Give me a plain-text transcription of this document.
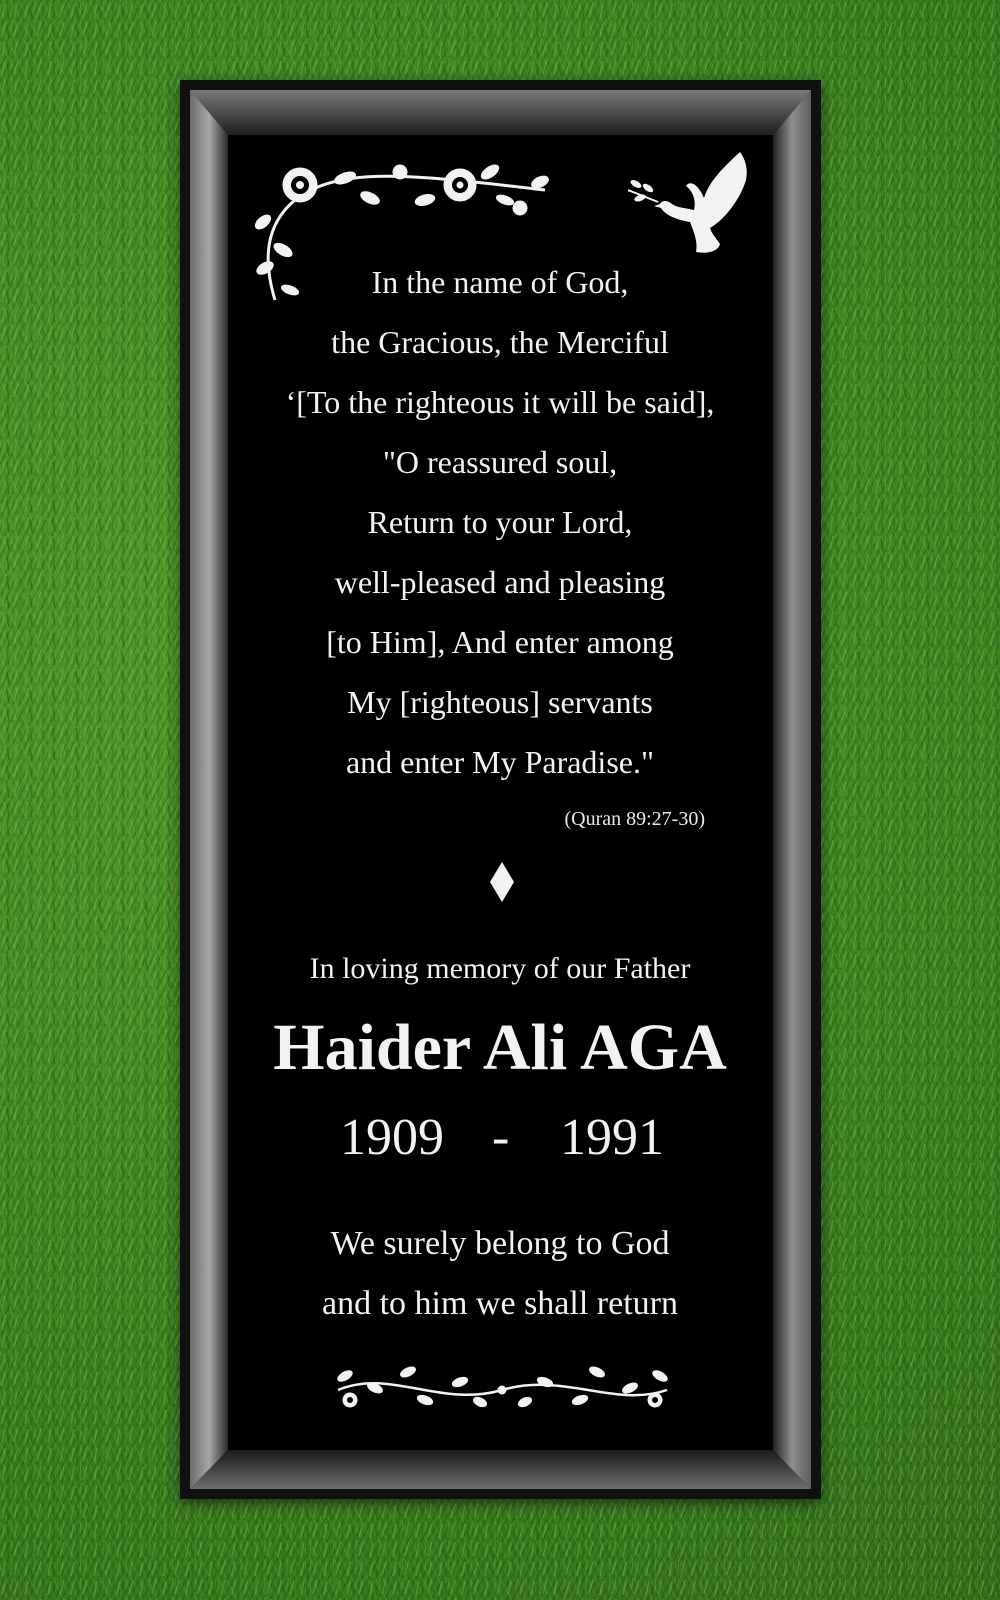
In the name of God,
the Gracious, the Merciful
‘[To the righteous it will be said],
"O reassured soul,
Return to your Lord,
well-pleased and pleasing
[to Him], And enter among
My [righteous] servants
and enter My Paradise."
(Quran 89:27-30)
In loving memory of our Father
Haider Ali AGA
1909 - 1991
We surely belong to God
and to him we shall return
